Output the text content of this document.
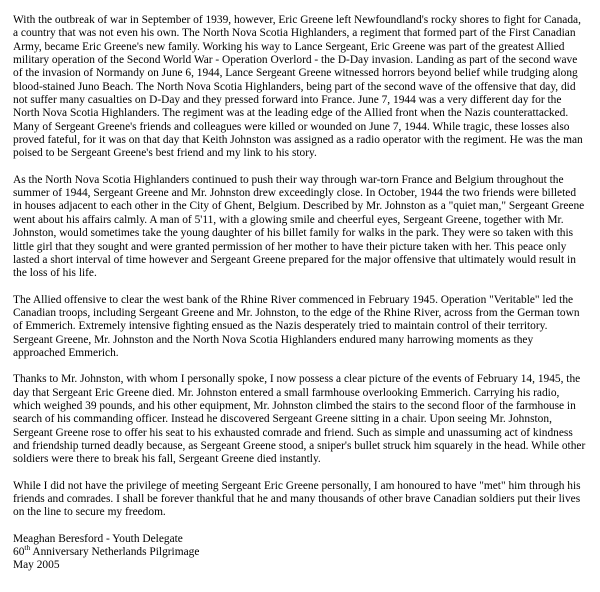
With the outbreak of war in September of 1939, however, Eric Greene left Newfoundland's rocky shores to fight for Canada, a country that was not even his own. The North Nova Scotia Highlanders, a regiment that formed part of the First Canadian Army, became Eric Greene's new family. Working his way to Lance Sergeant, Eric Greene was part of the greatest Allied military operation of the Second World War - Operation Overlord - the D-Day invasion. Landing as part of the second wave of the invasion of Normandy on June 6, 1944, Lance Sergeant Greene witnessed horrors beyond belief while trudging along blood-stained Juno Beach. The North Nova Scotia Highlanders, being part of the second wave of the offensive that day, did not suffer many casualties on D-Day and they pressed forward into France. June 7, 1944 was a very different day for the North Nova Scotia Highlanders. The regiment was at the leading edge of the Allied front when the Nazis counterattacked. Many of Sergeant Greene's friends and colleagues were killed or wounded on June 7, 1944. While tragic, these losses also proved fateful, for it was on that day that Keith Johnston was assigned as a radio operator with the regiment. He was the man poised to be Sergeant Greene's best friend and my link to his story.

As the North Nova Scotia Highlanders continued to push their way through war-torn France and Belgium throughout the summer of 1944, Sergeant Greene and Mr. Johnston drew exceedingly close. In October, 1944 the two friends were billeted in houses adjacent to each other in the City of Ghent, Belgium. Described by Mr. Johnston as a "quiet man," Sergeant Greene went about his affairs calmly. A man of 5'11, with a glowing smile and cheerful eyes, Sergeant Greene, together with Mr. Johnston, would sometimes take the young daughter of his billet family for walks in the park. They were so taken with this little girl that they sought and were granted permission of her mother to have their picture taken with her. This peace only lasted a short interval of time however and Sergeant Greene prepared for the major offensive that ultimately would result in the loss of his life.

The Allied offensive to clear the west bank of the Rhine River commenced in February 1945. Operation "Veritable" led the Canadian troops, including Sergeant Greene and Mr. Johnston, to the edge of the Rhine River, across from the German town of Emmerich. Extremely intensive fighting ensued as the Nazis desperately tried to maintain control of their territory. Sergeant Greene, Mr. Johnston and the North Nova Scotia Highlanders endured many harrowing moments as they approached Emmerich.

Thanks to Mr. Johnston, with whom I personally spoke, I now possess a clear picture of the events of February 14, 1945, the day that Sergeant Eric Greene died. Mr. Johnston entered a small farmhouse overlooking Emmerich. Carrying his radio, which weighed 39 pounds, and his other equipment, Mr. Johnston climbed the stairs to the second floor of the farmhouse in search of his commanding officer. Instead he discovered Sergeant Greene sitting in a chair. Upon seeing Mr. Johnston, Sergeant Greene rose to offer his seat to his exhausted comrade and friend. Such as simple and unassuming act of kindness and friendship turned deadly because, as Sergeant Greene stood, a sniper's bullet struck him squarely in the head. While other soldiers were there to break his fall, Sergeant Greene died instantly.

While I did not have the privilege of meeting Sergeant Eric Greene personally, I am honoured to have "met" him through his friends and comrades. I shall be forever thankful that he and many thousands of other brave Canadian soldiers put their lives on the line to secure my freedom.

Meaghan Beresford - Youth Delegate

60th Anniversary Netherlands Pilgrimage

May 2005
